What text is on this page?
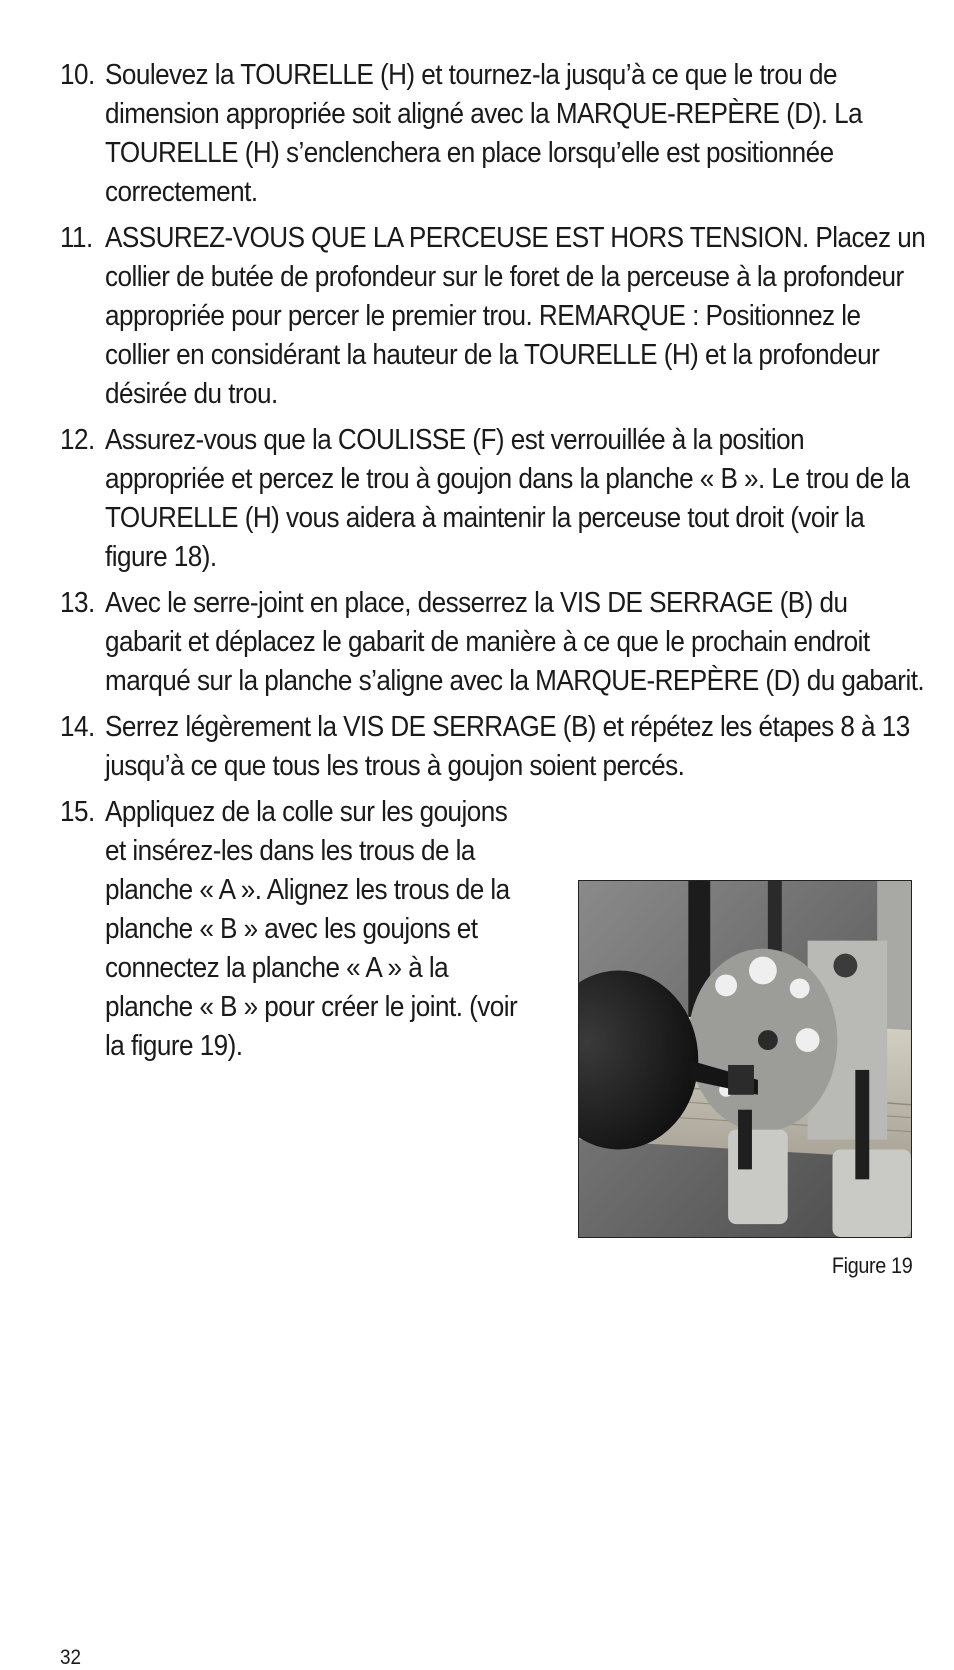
10. Soulevez la TOURELLE (H) et tournez-la jusqu’à ce que le trou de dimension appropriée soit aligné avec la MARQUE-REPÈRE (D). La TOURELLE (H) s’enclenchera en place lorsqu’elle est positionnée correctement.
11. ASSUREZ-VOUS QUE LA PERCEUSE EST HORS TENSION. Placez un collier de butée de profondeur sur le foret de la perceuse à la profondeur appropriée pour percer le premier trou. REMARQUE : Positionnez le collier en considérant la hauteur de la TOURELLE (H) et la profondeur désirée du trou.
12. Assurez-vous que la COULISSE (F) est verrouillée à la position appropriée et percez le trou à goujon dans la planche « B ». Le trou de la TOURELLE (H) vous aidera à maintenir la perceuse tout droit (voir la figure 18).
13. Avec le serre-joint en place, desserrez la VIS DE SERRAGE (B) du gabarit et déplacez le gabarit de manière à ce que le prochain endroit marqué sur la planche s’aligne avec la MARQUE-REPÈRE (D) du gabarit.
14. Serrez légèrement la VIS DE SERRAGE (B) et répétez les étapes 8 à 13 jusqu’à ce que tous les trous à goujon soient percés.
15. Appliquez de la colle sur les goujons et insérez-les dans les trous de la planche « A ». Alignez les trous de la planche « B » avec les goujons et connectez la planche « A » à la planche « B » pour créer le joint. (voir la figure 19).
Figure 19
32
